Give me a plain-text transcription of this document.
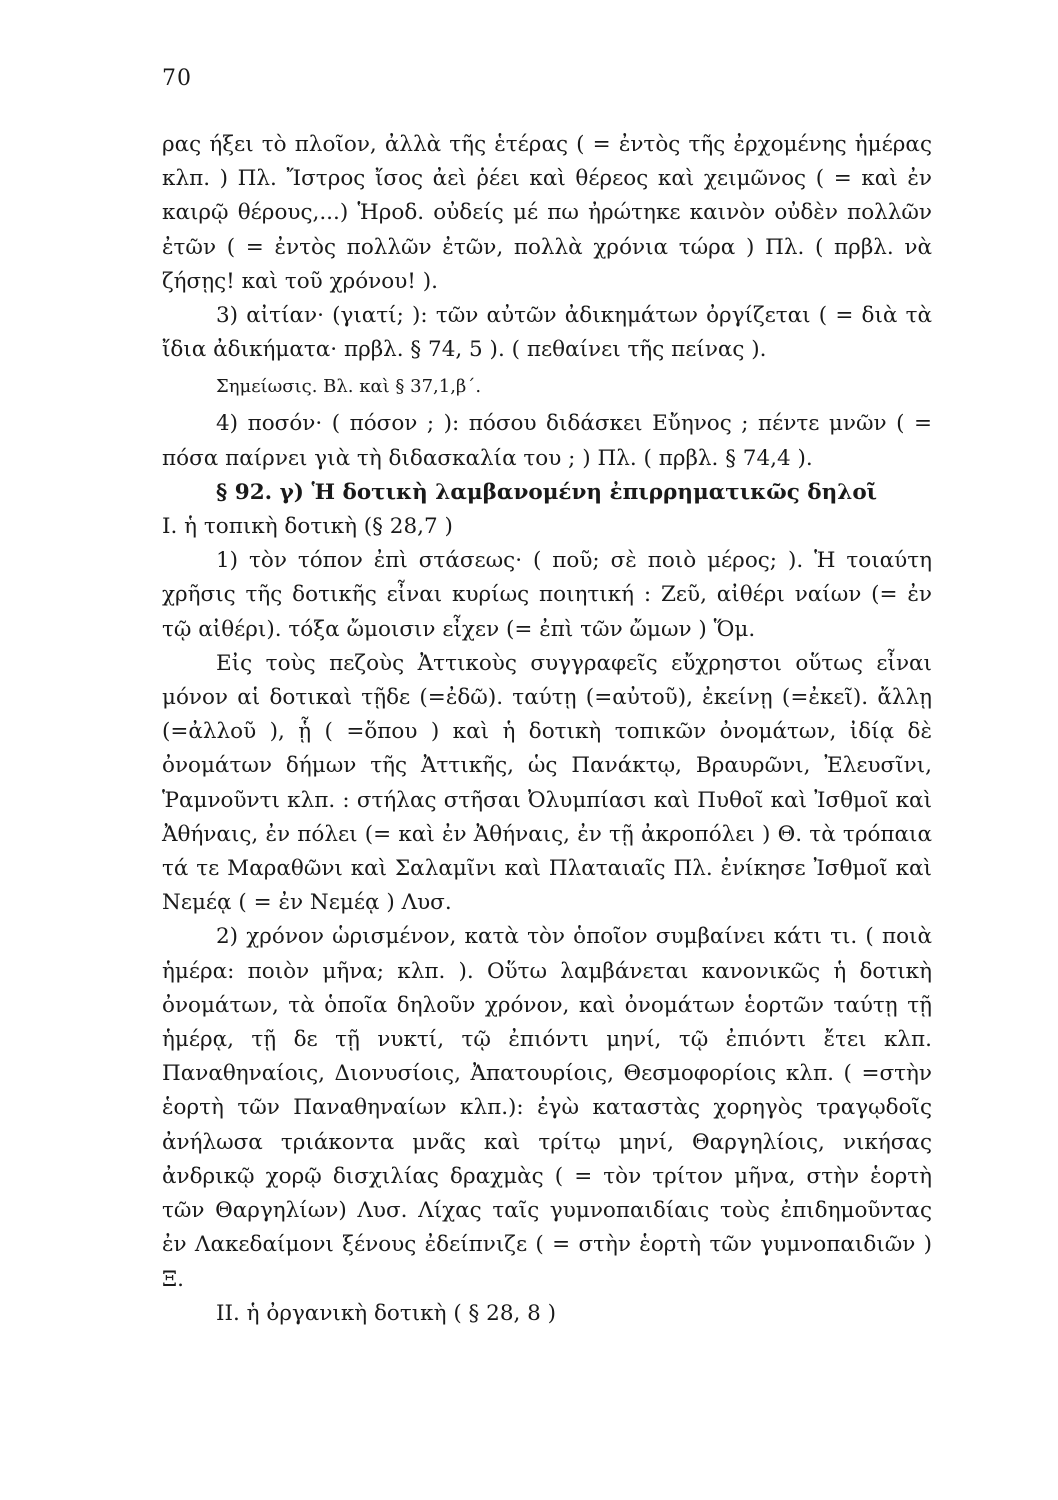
70

ρας ήξει τὸ πλοῖον, ἀλλὰ τῆς ἑτέρας ( = ἐντὸς τῆς ἐρχομένης ἡμέρας κλπ. ) Πλ. Ἴστρος ἴσος ἀεὶ ῥέει καὶ θέρεος καὶ χειμῶνος ( = καὶ ἐν καιρῷ θέρους,...) Ἡροδ. οὐδείς μέ πω ἠρώτηκε καινὸν οὐδὲν πολλῶν ἐτῶν ( = ἐντὸς πολλῶν ἐτῶν, πολλὰ χρόνια τώρα ) Πλ. ( πρβλ. νὰ ζήσῃς! καὶ τοῦ χρόνου! ).

3) αἰτίαν· (γιατί; ): τῶν αὐτῶν ἀδικημάτων ὀργίζεται ( = διὰ τὰ ἴδια ἀδικήματα· πρβλ. § 74, 5 ). ( πεθαίνει τῆς πείνας ).

Σημείωσις. Βλ. καὶ § 37,1,β΄.

4) ποσόν· ( πόσον ; ): πόσου διδάσκει Εὔηνος ; πέντε μνῶν ( = πόσα παίρνει γιὰ τὴ διδασκαλία του ; ) Πλ. ( πρβλ. § 74,4 ).

§ 92. γ) Ἡ δοτικὴ λαμβανομένη ἐπιρρηματικῶς δηλοῖ

Ι. ἡ τοπικὴ δοτικὴ (§ 28,7 )

1) τὸν τόπον ἐπὶ στάσεως· ( ποῦ; σὲ ποιὸ μέρος; ). Ἡ τοιαύτη χρῆσις τῆς δοτικῆς εἶναι κυρίως ποιητική : Ζεῦ, αἰθέρι ναίων (= ἐν τῷ αἰθέρι). τόξα ὤμοισιν εἶχεν (= ἐπὶ τῶν ὤμων ) Ὅμ.

Εἰς τοὺς πεζοὺς Ἀττικοὺς συγγραφεῖς εὔχρηστοι οὕτως εἶναι μόνον αἱ δοτικαὶ τῇδε (=ἐδῶ). ταύτῃ (=αὐτοῦ), ἐκείνῃ (=ἐκεῖ). ἄλλῃ (=ἀλλοῦ ), ᾗ ( =ὅπου ) καὶ ἡ δοτικὴ τοπικῶν ὀνομάτων, ἰδίᾳ δὲ ὀνομάτων δήμων τῆς Ἀττικῆς, ὡς Πανάκτῳ, Βραυρῶνι, Ἐλευσῖνι, Ῥαμνοῦντι κλπ. : στήλας στῆσαι Ὀλυμπίασι καὶ Πυθοῖ καὶ Ἰσθμοῖ καὶ Ἀθήναις, ἐν πόλει (= καὶ ἐν Ἀθήναις, ἐν τῇ ἀκροπόλει ) Θ. τὰ τρόπαια τά τε Μαραθῶνι καὶ Σαλαμῖνι καὶ Πλαταιαῖς Πλ. ἐνίκησε Ἰσθμοῖ καὶ Νεμέᾳ ( = ἐν Νεμέᾳ ) Λυσ.

2) χρόνον ὡρισμένον, κατὰ τὸν ὁποῖον συμβαίνει κάτι τι. ( ποιὰ ἡμέρα: ποιὸν μῆνα; κλπ. ). Οὕτω λαμβάνεται κανονικῶς ἡ δοτικὴ ὀνομάτων, τὰ ὁποῖα δηλοῦν χρόνον, καὶ ὀνομάτων ἑορτῶν ταύτῃ τῇ ἡμέρᾳ, τῇ δε τῇ νυκτί, τῷ ἐπιόντι μηνί, τῷ ἐπιόντι ἔτει κλπ. Παναθηναίοις, Διονυσίοις, Ἀπατουρίοις, Θεσμοφορίοις κλπ. ( =στὴν ἑορτὴ τῶν Παναθηναίων κλπ.): ἐγὼ καταστὰς χορηγὸς τραγῳδοῖς ἀνήλωσα τριάκοντα μνᾶς καὶ τρίτῳ μηνί, Θαργηλίοις, νικήσας ἀνδρικῷ χορῷ δισχιλίας δραχμὰς ( = τὸν τρίτον μῆνα, στὴν ἑορτὴ τῶν Θαργηλίων) Λυσ. Λίχας ταῖς γυμνοπαιδίαις τοὺς ἐπιδημοῦντας ἐν Λακεδαίμονι ξένους ἐδείπνιζε ( = στὴν ἑορτὴ τῶν γυμνοπαιδιῶν ) Ξ.

ΙΙ. ἡ ὀργανικὴ δοτικὴ ( § 28, 8 )
